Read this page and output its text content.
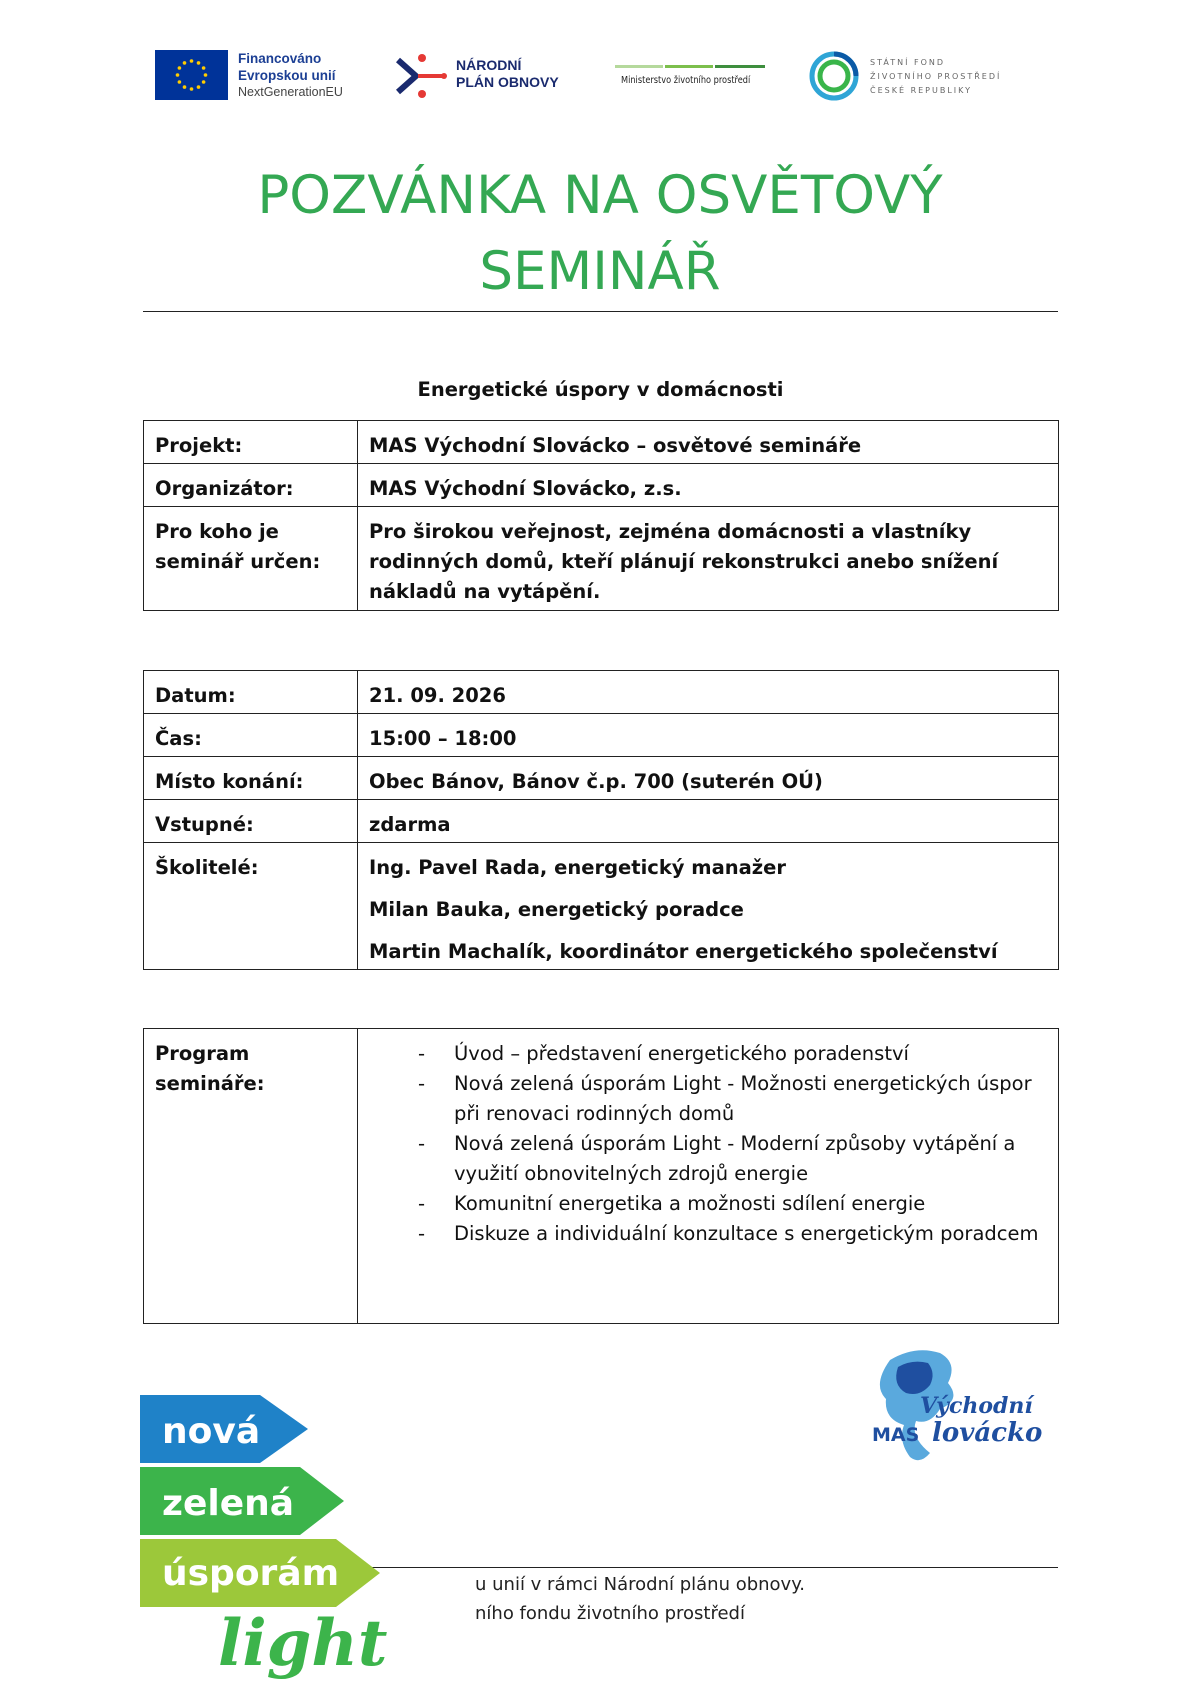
Financováno
Evropskou unií
NextGenerationEU
NÁRODNÍ
PLÁN OBNOVY	Ministerstvo životního prostředí
STÁTNÍ FOND
ŽIVOTNÍHO PROSTŘEDÍ
ČESKÉ REPUBLIKY
POZVÁNKA NA OSVĚTOVÝ
SEMINÁŘ
Energetické úspory v domácnosti
Projekt:	MAS Východní Slovácko – osvětové semináře
Organizátor:	MAS Východní Slovácko, z.s.
Pro koho je seminář určen:	Pro širokou veřejnost, zejména domácnosti a vlastníky rodinných domů, kteří plánují rekonstrukci anebo snížení nákladů na vytápění.
Datum:	21. 09. 2026
Čas:	15:00 – 18:00
Místo konání:	Obec Bánov, Bánov č.p. 700 (suterén OÚ)
Vstupné:	zdarma
Školitelé:	Ing. Pavel Rada, energetický manažer
Milan Bauka, energetický poradce
Martin Machalík, koordinátor energetického společenství
Program semináře:	
- Úvod – představení energetického poradenství
- Nová zelená úsporám Light - Možnosti energetických úspor při renovaci rodinných domů
- Nová zelená úsporám Light - Moderní způsoby vytápění a využití obnovitelných zdrojů energie
- Komunitní energetika a možnosti sdílení energie
- Diskuze a individuální konzultace s energetickým poradcem
u unií v rámci Národní plánu obnovy.
ního fondu životního prostředí
nová
zelená
úsporám
light
Východní
MAS lovácko
